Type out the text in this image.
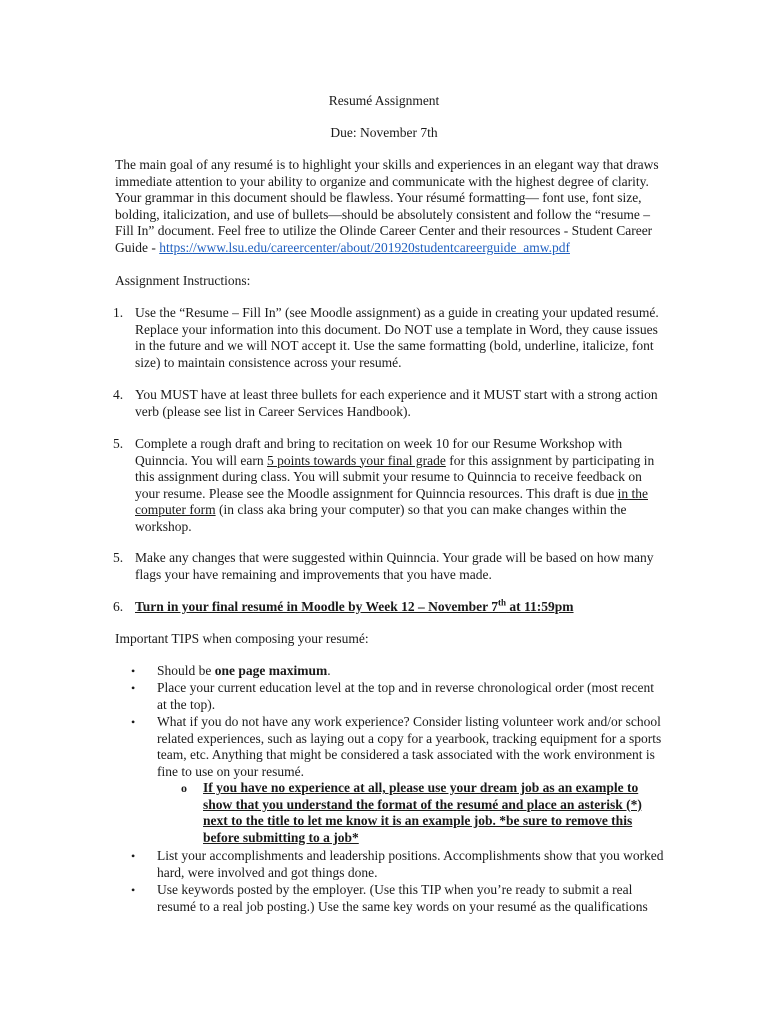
Resumé Assignment
Due: November 7th
The main goal of any resumé is to highlight your skills and experiences in an elegant way that draws immediate attention to your ability to organize and communicate with the highest degree of clarity. Your grammar in this document should be flawless. Your résumé formatting— font use, font size, bolding, italicization, and use of bullets—should be absolutely consistent and follow the “resume – Fill In” document. Feel free to utilize the Olinde Career Center and their resources - Student Career Guide - https://www.lsu.edu/careercenter/about/201920studentcareerguide_amw.pdf
Assignment Instructions:
1. Use the “Resume – Fill In” (see Moodle assignment) as a guide in creating your updated resumé. Replace your information into this document. Do NOT use a template in Word, they cause issues in the future and we will NOT accept it. Use the same formatting (bold, underline, italicize, font size) to maintain consistence across your resumé.
4. You MUST have at least three bullets for each experience and it MUST start with a strong action verb (please see list in Career Services Handbook).
5. Complete a rough draft and bring to recitation on week 10 for our Resume Workshop with Quinncia. You will earn 5 points towards your final grade for this assignment by participating in this assignment during class. You will submit your resume to Quinncia to receive feedback on your resume. Please see the Moodle assignment for Quinncia resources. This draft is due in the computer form (in class aka bring your computer) so that you can make changes within the workshop.
5. Make any changes that were suggested within Quinncia. Your grade will be based on how many flags your have remaining and improvements that you have made.
6. Turn in your final resumé in Moodle by Week 12 – November 7th at 11:59pm
Important TIPS when composing your resumé:
• Should be one page maximum.
• Place your current education level at the top and in reverse chronological order (most recent at the top).
• What if you do not have any work experience? Consider listing volunteer work and/or school related experiences, such as laying out a copy for a yearbook, tracking equipment for a sports team, etc. Anything that might be considered a task associated with the work environment is fine to use on your resumé.
o If you have no experience at all, please use your dream job as an example to show that you understand the format of the resumé and place an asterisk (*) next to the title to let me know it is an example job. *be sure to remove this before submitting to a job*
• List your accomplishments and leadership positions. Accomplishments show that you worked hard, were involved and got things done.
• Use keywords posted by the employer. (Use this TIP when you’re ready to submit a real resumé to a real job posting.) Use the same key words on your resumé as the qualifications
